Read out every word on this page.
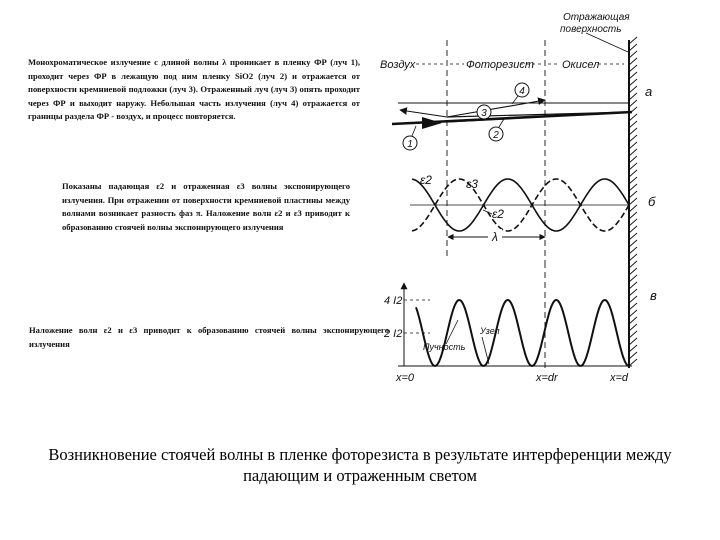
Монохроматическое излучение с длиной волны λ проникает в пленку ФР (луч 1), проходит через ФР в лежащую под ним пленку SiO2 (луч 2) и отражается от поверхности кремниевой подложки (луч 3). Отраженный луч (луч 3) опять проходит через ФР и выходит наружу. Небольшая часть излучения (луч 4) отражается от границы раздела ФР - воздух, и процесс повторяется.
Показаны падающая ε2 и отраженная ε3 волны экспонирующего излучения. При отражении от поверхности кремниевой пластины между волнами возникает разность фаз π. Наложение волн ε2 и ε3 приводит к образованию стоячей волны экспонирующего излучения
Наложение волн ε2 и ε3 приводит к образованию стоячей волны экспонирующего излучения
Возникновение стоячей волны в пленке фоторезиста в результате интерференции между падающим и отраженным светом
Отражающая
поверхность
Воздух	Фоторезист	Окисел
4
3
2
1
а
ε2	ε3
ε2
λ
б
4 I2
2 I2	Узел
Пучность
x=0	x=dr	x=d
в
